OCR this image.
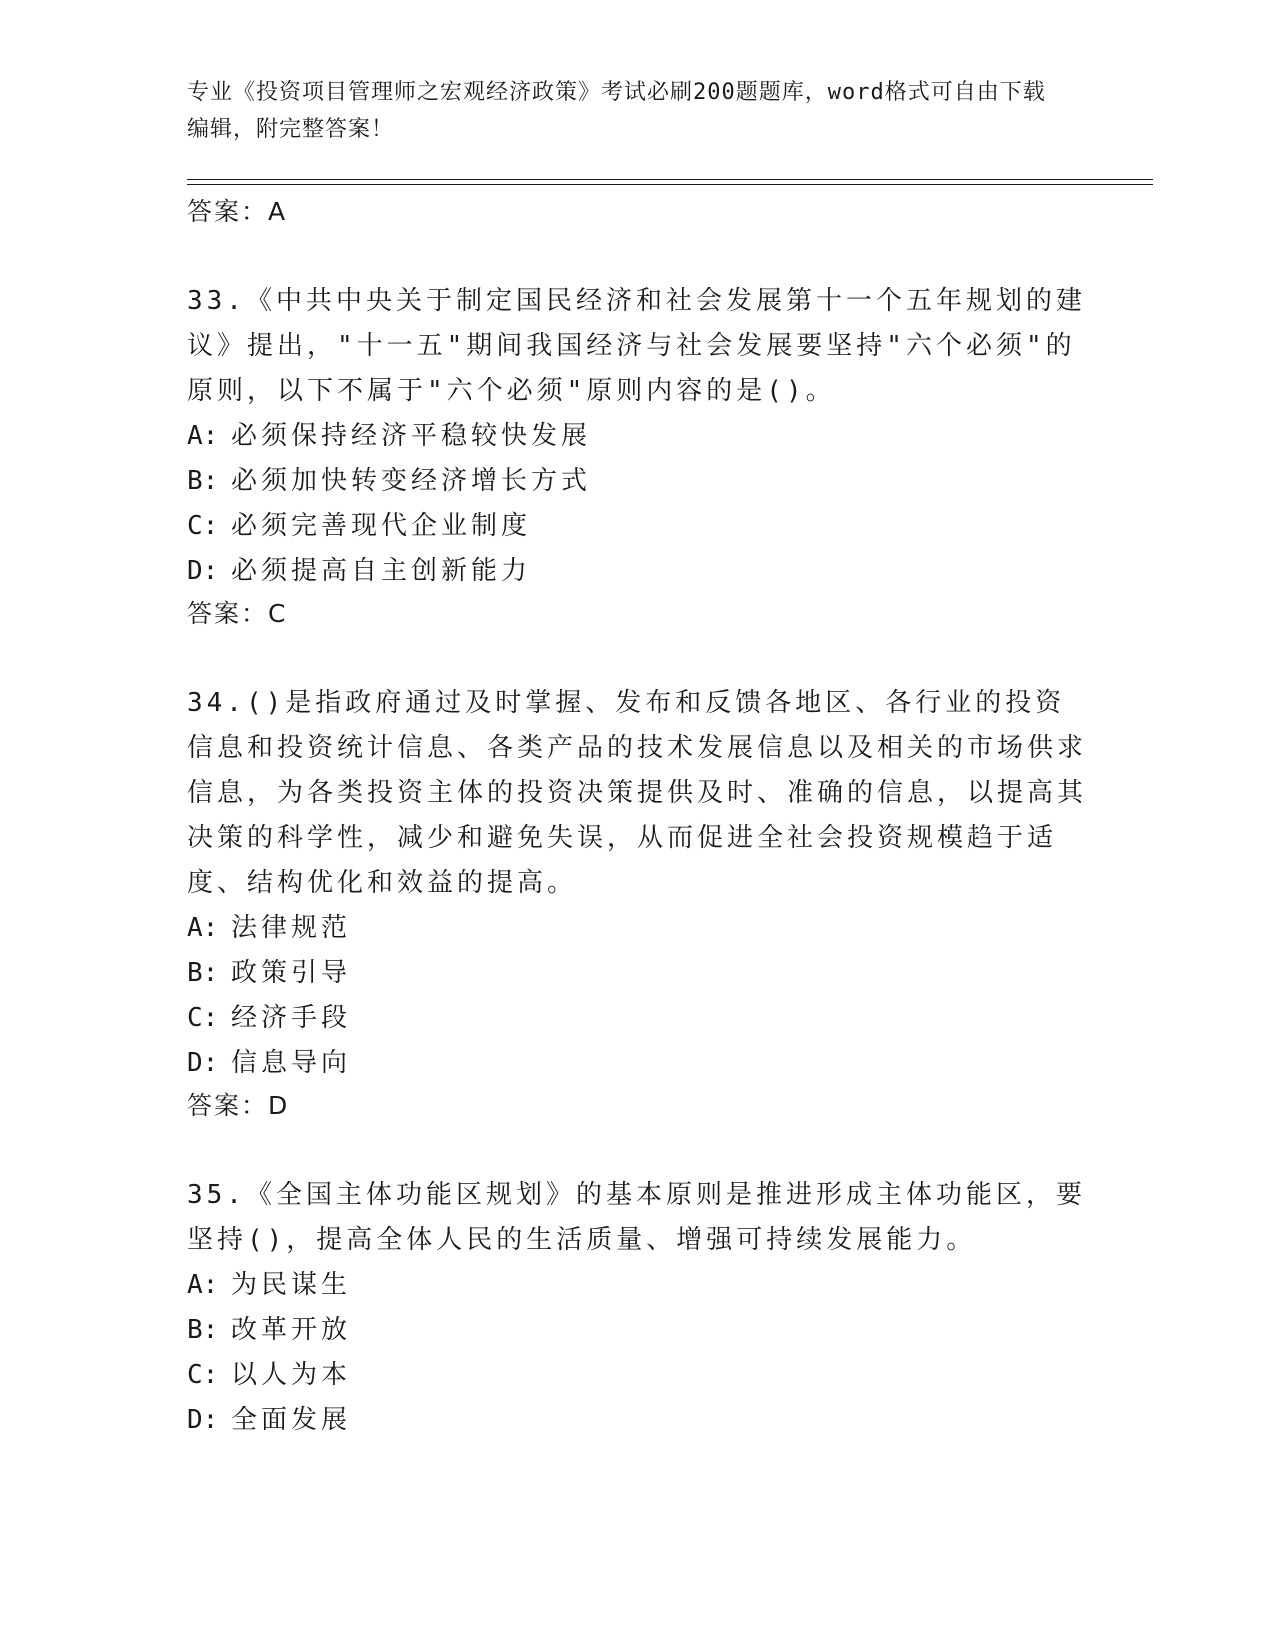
专业《投资项目管理师之宏观经济政策》考试必刷200题题库，word格式可自由下载编辑，附完整答案！

答案：A

33.《中共中央关于制定国民经济和社会发展第十一个五年规划的建议》提出，"十一五"期间我国经济与社会发展要坚持"六个必须"的原则，以下不属于"六个必须"原则内容的是()。

A: 必须保持经济平稳较快发展

B: 必须加快转变经济增长方式

C: 必须完善现代企业制度

D: 必须提高自主创新能力

答案：C

34.()是指政府通过及时掌握、发布和反馈各地区、各行业的投资信息和投资统计信息、各类产品的技术发展信息以及相关的市场供求信息，为各类投资主体的投资决策提供及时、准确的信息，以提高其决策的科学性，减少和避免失误，从而促进全社会投资规模趋于适度、结构优化和效益的提高。

A: 法律规范

B: 政策引导

C: 经济手段

D: 信息导向

答案：D

35.《全国主体功能区规划》的基本原则是推进形成主体功能区，要坚持()，提高全体人民的生活质量、增强可持续发展能力。

A: 为民谋生

B: 改革开放

C: 以人为本

D: 全面发展
